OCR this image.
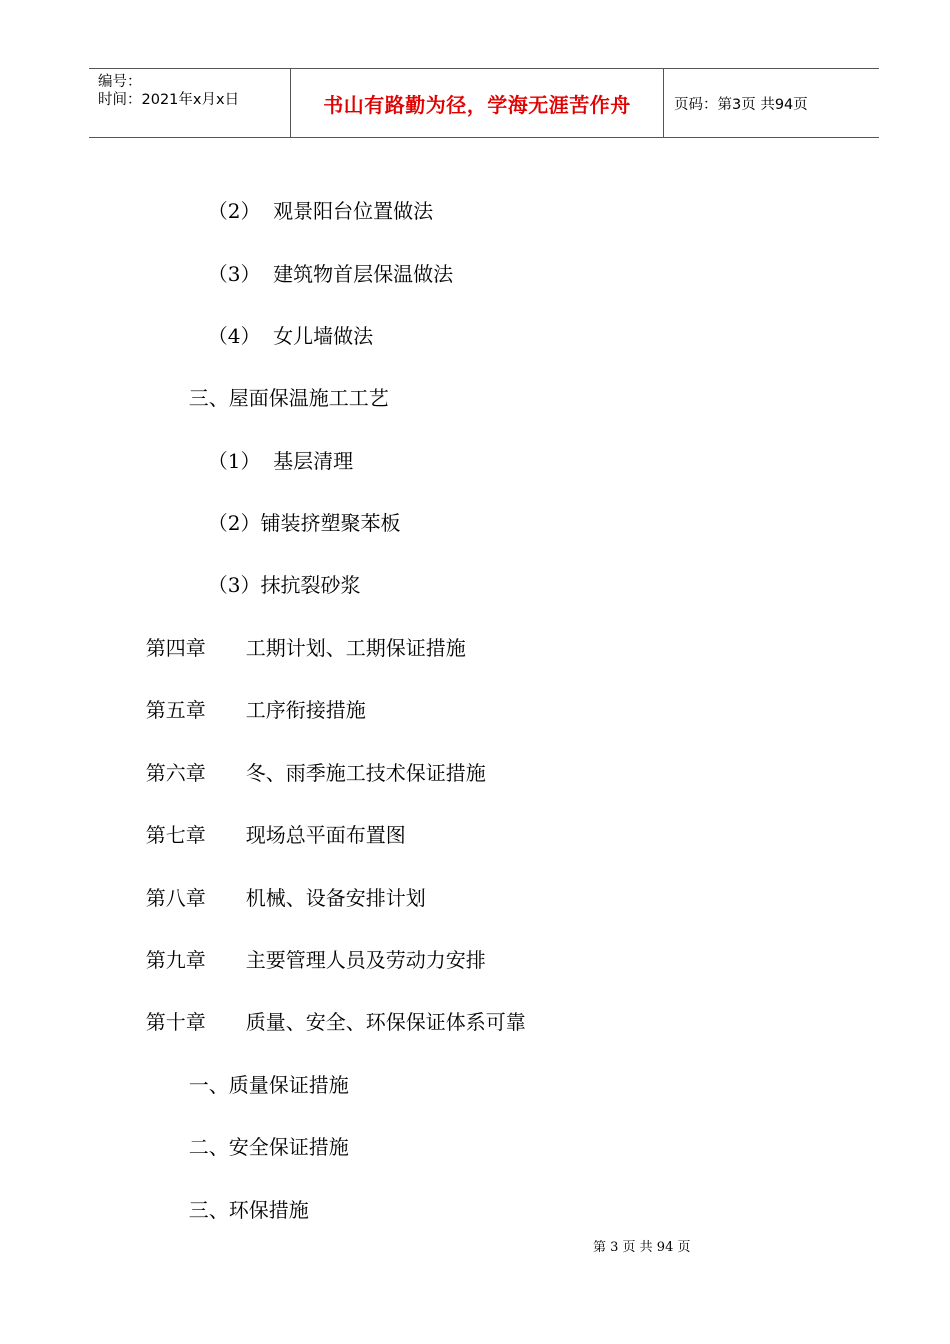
编号：
时间：2021年x月x日	书山有路勤为径，学海无涯苦作舟	页码：第3页 共94页

（2）  观景阳台位置做法

（3）  建筑物首层保温做法

（4）  女儿墙做法

三、屋面保温施工工艺

（1）  基层清理

（2）铺装挤塑聚苯板

（3）抹抗裂砂浆

第四章 工期计划、工期保证措施

第五章 工序衔接措施

第六章 冬、雨季施工技术保证措施

第七章 现场总平面布置图

第八章 机械、设备安排计划

第九章 主要管理人员及劳动力安排

第十章 质量、安全、环保保证体系可靠

一、质量保证措施

二、安全保证措施

三、环保措施

第 3 页 共 94 页
